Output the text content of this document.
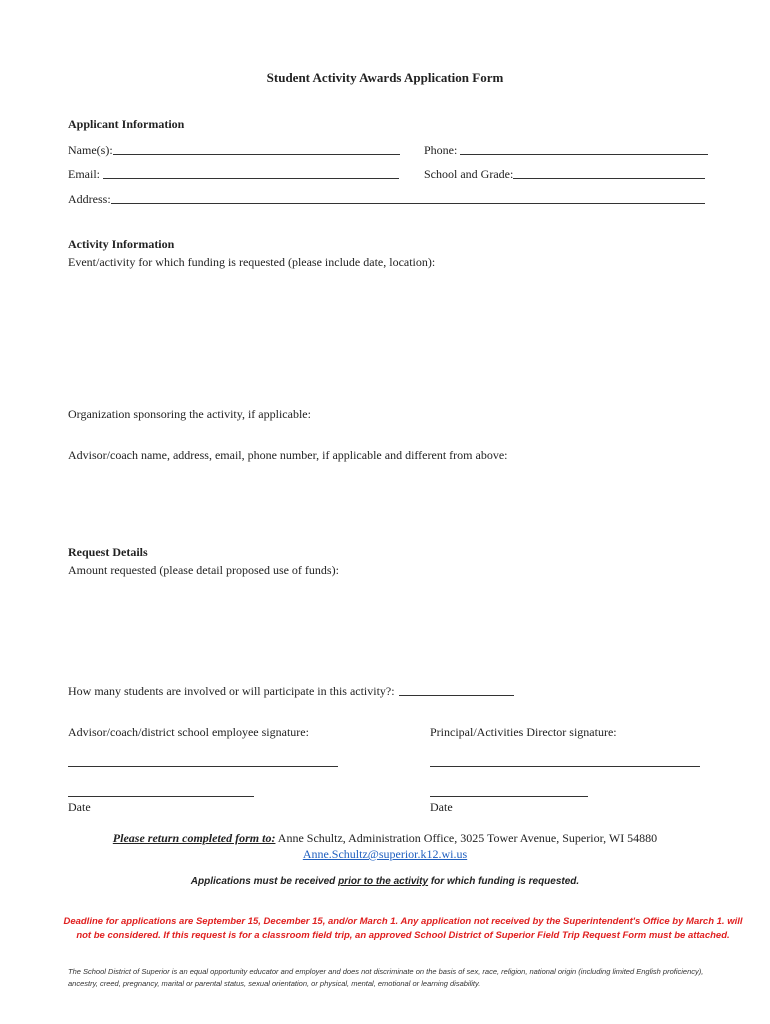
Student Activity Awards Application Form
Applicant Information
Name(s):	Phone:
Email:	School and Grade:
Address:
Activity Information
Event/activity for which funding is requested (please include date, location):
Organization sponsoring the activity, if applicable:
Advisor/coach name, address, email, phone number, if applicable and different from above:
Request Details
Amount requested (please detail proposed use of funds):
How many students are involved or will participate in this activity?:
Advisor/coach/district school employee signature:	Principal/Activities Director signature:
Date	Date
Please return completed form to: Anne Schultz, Administration Office, 3025 Tower Avenue, Superior, WI 54880
Anne.Schultz@superior.k12.wi.us
Applications must be received prior to the activity for which funding is requested.
Deadline for applications are September 15, December 15, and/or March 1. Any application not received by the Superintendent's Office by March 1. will not be considered. If this request is for a classroom field trip, an approved School District of Superior Field Trip Request Form must be attached.
The School District of Superior is an equal opportunity educator and employer and does not discriminate on the basis of sex, race, religion, national origin (including limited English proficiency), ancestry, creed, pregnancy, marital or parental status, sexual orientation, or physical, mental, emotional or learning disability.
